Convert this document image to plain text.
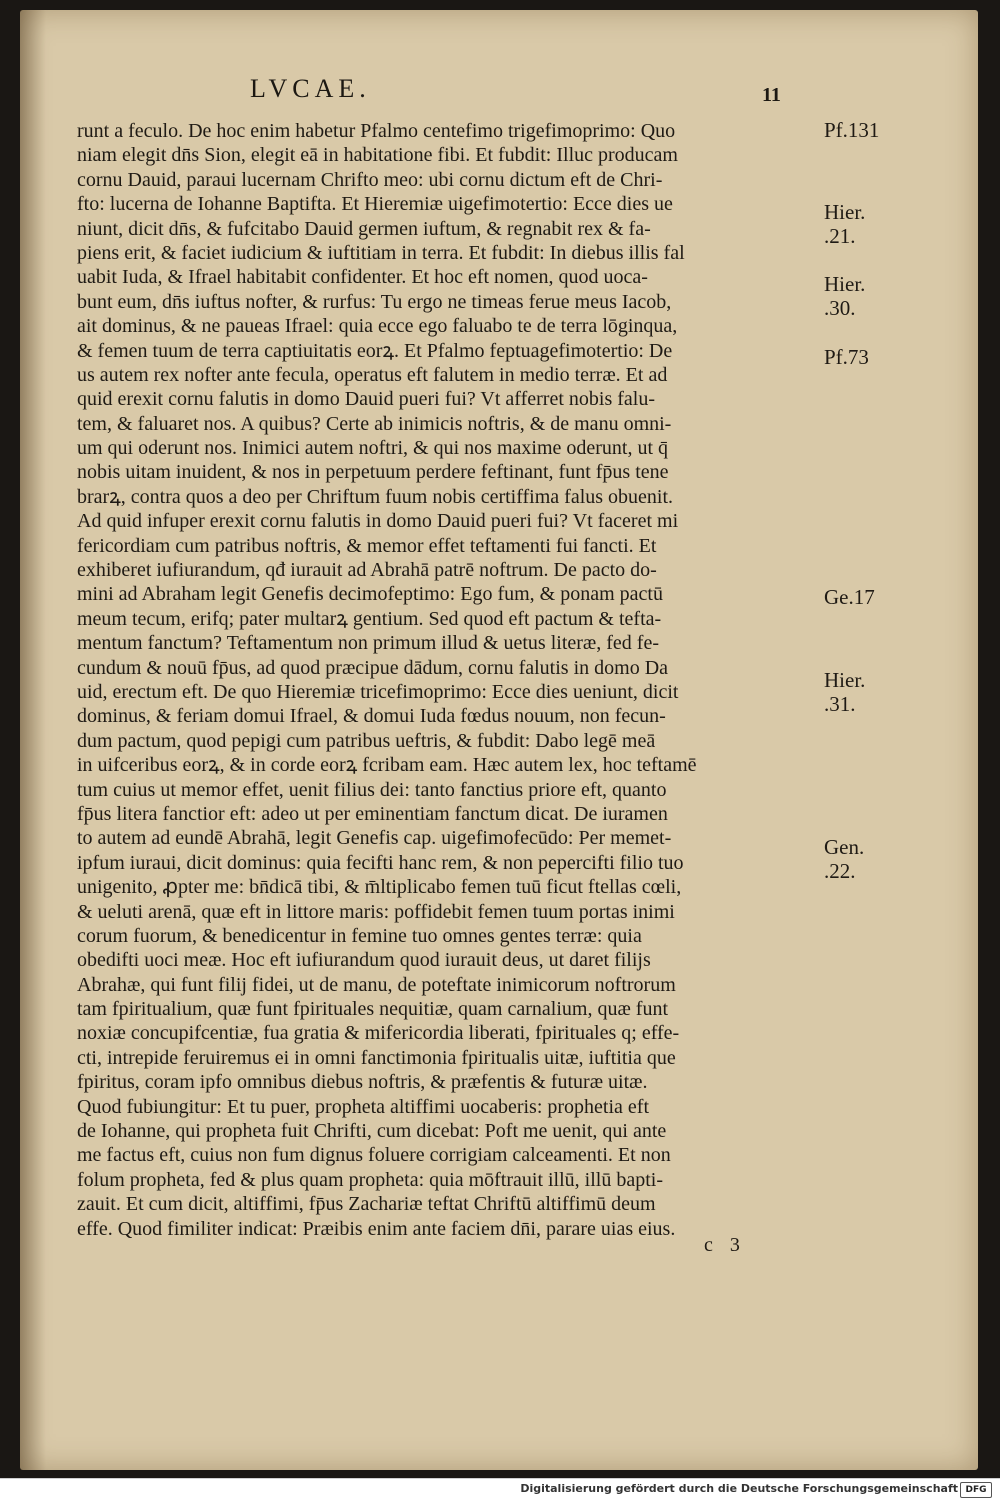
LVCAE.	11
runt a feculo. De hoc enim habetur Pfalmo centefimo trigefimoprimo: Quo
niam elegit dn̄s Sion, elegit eā in habitatione fibi. Et fubdit: Illuc producam
cornu Dauid, paraui lucernam Chrifto meo: ubi cornu dictum eft de Chri-
fto: lucerna de Iohanne Baptifta. Et Hieremiæ uigefimotertio: Ecce dies ue
niunt, dicit dn̄s, & fufcitabo Dauid germen iuftum, & regnabit rex & fa-
piens erit, & faciet iudicium & iuftitiam in terra. Et fubdit: In diebus illis fal
uabit Iuda, & Ifrael habitabit confidenter. Et hoc eft nomen, quod uoca-
bunt eum, dn̄s iuftus nofter, & rurfus: Tu ergo ne timeas ferue meus Iacob,
ait dominus, & ne paueas Ifrael: quia ecce ego faluabo te de terra lōginqua,
& femen tuum de terra captiuitatis eorꝝ. Et Pfalmo feptuagefimotertio: De
us autem rex nofter ante fecula, operatus eft falutem in medio terræ. Et ad
quid erexit cornu falutis in domo Dauid pueri fui? Vt afferret nobis falu-
tem, & faluaret nos. A quibus? Certe ab inimicis noftris, & de manu omni-
um qui oderunt nos. Inimici autem noftri, & qui nos maxime oderunt, ut q̄
nobis uitam inuident, & nos in perpetuum perdere feftinant, funt fp̄us tene
brarꝝ, contra quos a deo per Chriftum fuum nobis certiffima falus obuenit.
Ad quid infuper erexit cornu falutis in domo Dauid pueri fui? Vt faceret mi
fericordiam cum patribus noftris, & memor effet teftamenti fui fancti. Et
exhiberet iufiurandum, qđ iurauit ad Abrahā patrē noftrum. De pacto do-
mini ad Abraham legit Genefis decimofeptimo: Ego fum, & ponam pactū
meum tecum, erifq; pater multarꝝ gentium. Sed quod eft pactum & tefta-
mentum fanctum? Teftamentum non primum illud & uetus literæ, fed fe-
cundum & nouū fp̄us, ad quod præcipue dādum, cornu falutis in domo Da
uid, erectum eft. De quo Hieremiæ tricefimoprimo: Ecce dies ueniunt, dicit
dominus, & feriam domui Ifrael, & domui Iuda fœdus nouum, non fecun-
dum pactum, quod pepigi cum patribus ueftris, & fubdit: Dabo legē meā
in uifceribus eorꝝ, & in corde eorꝝ fcribam eam. Hæc autem lex, hoc teftamē
tum cuius ut memor effet, uenit filius dei: tanto fanctius priore eft, quanto
fp̄us litera fanctior eft: adeo ut per eminentiam fanctum dicat. De iuramen
to autem ad eundē Abrahā, legit Genefis cap. uigefimofecūdo: Per memet-
ipfum iuraui, dicit dominus: quia fecifti hanc rem, & non pepercifti filio tuo
unigenito, ꝓpter me: bn̄dicā tibi, & m̄ltiplicabo femen tuū ficut ftellas cœli,
& ueluti arenā, quæ eft in littore maris: poffidebit femen tuum portas inimi
corum fuorum, & benedicentur in femine tuo omnes gentes terræ: quia
obedifti uoci meæ. Hoc eft iufiurandum quod iurauit deus, ut daret filijs
Abrahæ, qui funt filij fidei, ut de manu, de poteftate inimicorum noftrorum
tam fpiritualium, quæ funt fpirituales nequitiæ, quam carnalium, quæ funt
noxiæ concupifcentiæ, fua gratia & mifericordia liberati, fpirituales q; effe-
cti, intrepide feruiremus ei in omni fanctimonia fpiritualis uitæ, iuftitia que
fpiritus, coram ipfo omnibus diebus noftris, & præfentis & futuræ uitæ.
Quod fubiungitur: Et tu puer, propheta altiffimi uocaberis: prophetia eft
de Iohanne, qui propheta fuit Chrifti, cum dicebat: Poft me uenit, qui ante
me factus eft, cuius non fum dignus foluere corrigiam calceamenti. Et non
folum propheta, fed & plus quam propheta: quia mōftrauit illū, illū bapti-
zauit. Et cum dicit, altiffimi, fp̄us Zachariæ teftat Chriftū altiffimū deum
effe. Quod fimiliter indicat: Præibis enim ante faciem dn̄i, parare uias eius.
Pf.131
Hier.
.21.
Hier.
.30.
Pf.73
Ge.17
Hier.
.31.
Gen.
.22.
c 3
Digitalisierung gefördert durch die Deutsche Forschungsgemeinschaft DFG
